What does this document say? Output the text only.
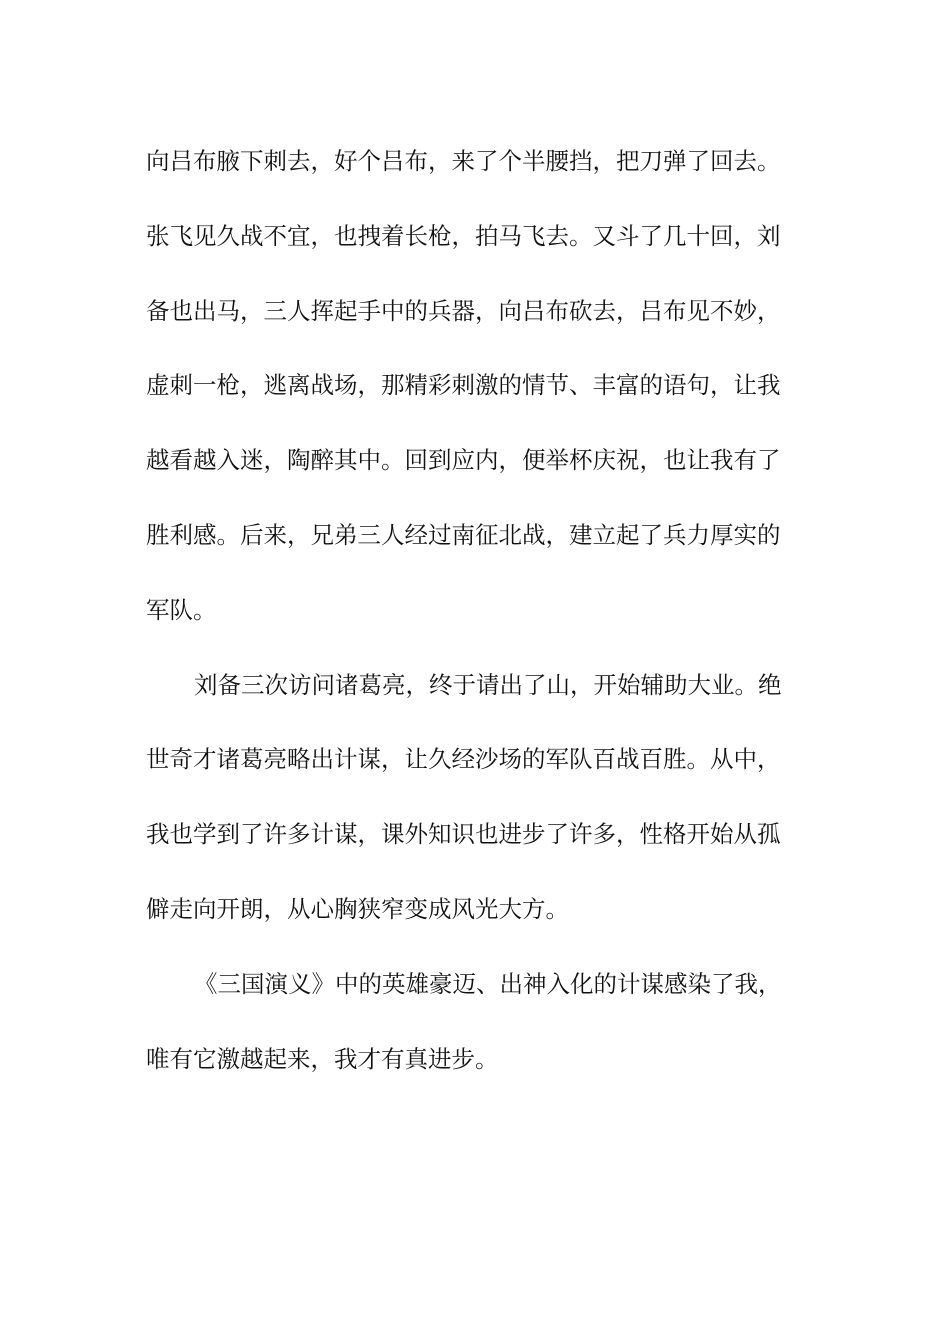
向吕布腋下刺去，好个吕布，来了个半腰挡，把刀弹了回去。
张飞见久战不宜，也拽着长枪，拍马飞去。又斗了几十回，刘
备也出马，三人挥起手中的兵器，向吕布砍去，吕布见不妙，
虚刺一枪，逃离战场，那精彩刺激的情节、丰富的语句，让我
越看越入迷，陶醉其中。回到应内，便举杯庆祝，也让我有了
胜利感。后来，兄弟三人经过南征北战，建立起了兵力厚实的
军队。
刘备三次访问诸葛亮，终于请出了山，开始辅助大业。绝
世奇才诸葛亮略出计谋，让久经沙场的军队百战百胜。从中，
我也学到了许多计谋，课外知识也进步了许多，性格开始从孤
僻走向开朗，从心胸狭窄变成风光大方。
《三国演义》中的英雄豪迈、出神入化的计谋感染了我，
唯有它激越起来，我才有真进步。
